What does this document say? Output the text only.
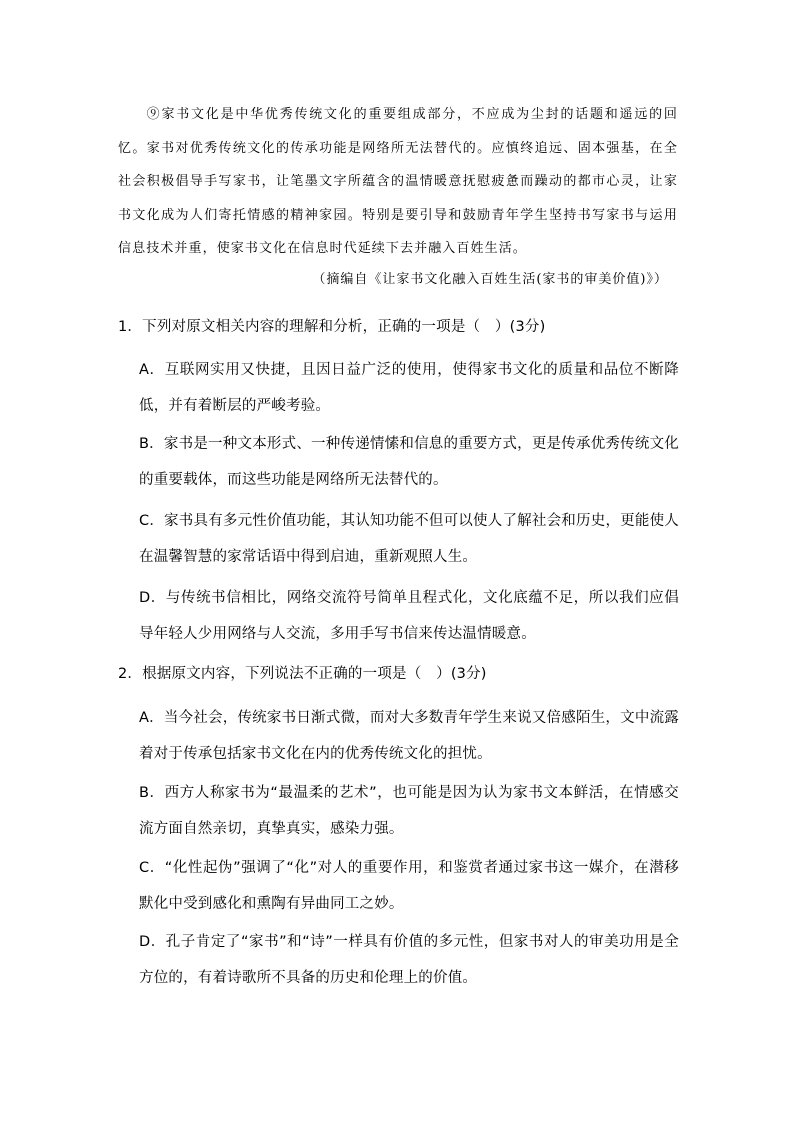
⑨家书文化是中华优秀传统文化的重要组成部分，不应成为尘封的话题和遥远的回忆。家书对优秀传统文化的传承功能是网络所无法替代的。应慎终追远、固本强基，在全社会积极倡导手写家书，让笔墨文字所蕴含的温情暖意抚慰疲惫而躁动的都市心灵，让家书文化成为人们寄托情感的精神家园。特别是要引导和鼓励青年学生坚持书写家书与运用信息技术并重，使家书文化在信息时代延续下去并融入百姓生活。
（摘编自《让家书文化融入百姓生活(家书的审美价值)》）
1．下列对原文相关内容的理解和分析，正确的一项是（　）(3分)
A．互联网实用又快捷，且因日益广泛的使用，使得家书文化的质量和品位不断降低，并有着断层的严峻考验。
B．家书是一种文本形式、一种传递情愫和信息的重要方式，更是传承优秀传统文化的重要载体，而这些功能是网络所无法替代的。
C．家书具有多元性价值功能，其认知功能不但可以使人了解社会和历史，更能使人在温馨智慧的家常话语中得到启迪，重新观照人生。
D．与传统书信相比，网络交流符号简单且程式化，文化底蕴不足，所以我们应倡导年轻人少用网络与人交流，多用手写书信来传达温情暖意。
2．根据原文内容，下列说法不正确的一项是（　）(3分)
A．当今社会，传统家书日渐式微，而对大多数青年学生来说又倍感陌生，文中流露着对于传承包括家书文化在内的优秀传统文化的担忧。
B．西方人称家书为“最温柔的艺术”，也可能是因为认为家书文本鲜活，在情感交流方面自然亲切，真挚真实，感染力强。
C．“化性起伪”强调了“化”对人的重要作用，和鉴赏者通过家书这一媒介，在潜移默化中受到感化和熏陶有异曲同工之妙。
D．孔子肯定了“家书”和“诗”一样具有价值的多元性，但家书对人的审美功用是全方位的，有着诗歌所不具备的历史和伦理上的价值。
